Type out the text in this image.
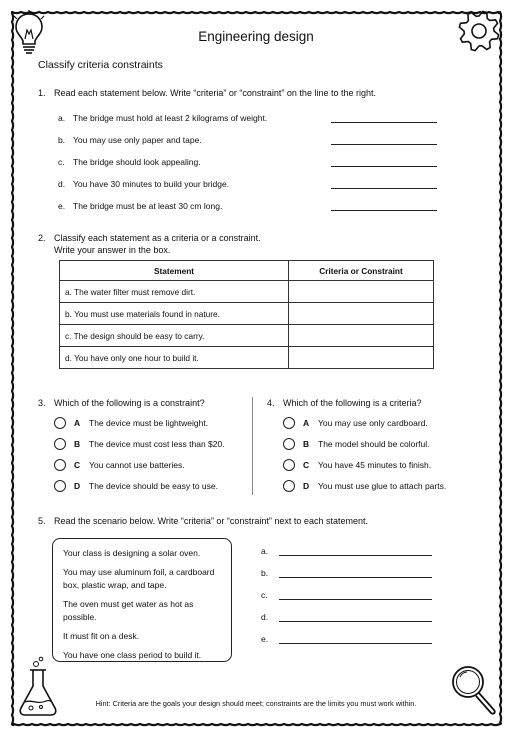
Engineering design
Classify criteria constraints
1. Read each statement below. Write “criteria” or “constraint” on the line to the right.
a. The bridge must hold at least 2 kilograms of weight.
b. You may use only paper and tape.
c. The bridge should look appealing.
d. You have 30 minutes to build your bridge.
e. The bridge must be at least 30 cm long.
2. Classify each statement as a criteria or a constraint.
Write your answer in the box.
Statement	Criteria or Constraint
a. The water filter must remove dirt.	
b. You must use materials found in nature.	
c. The design should be easy to carry.	
d. You have only one hour to build it.	
3. Which of the following is a constraint?
A	The device must be lightweight.
B	The device must cost less than $20.
C	You cannot use batteries.
D	The device should be easy to use.
4. Which of the following is a criteria?
A	You may use only cardboard.
B	The model should be colorful.
C	You have 45 minutes to finish.
D	You must use glue to attach parts.
5. Read the scenario below. Write “criteria” or “constraint” next to each statement.

Your class is designing a solar oven.

You may use aluminum foil, a cardboard box, plastic wrap, and tape.

The oven must get water as hot as possible.

It must fit on a desk.

You have one class period to build it.

a.
b.
c.
d.
e.
Hint: Criteria are the goals your design should meet; constraints are the limits you must work within.
